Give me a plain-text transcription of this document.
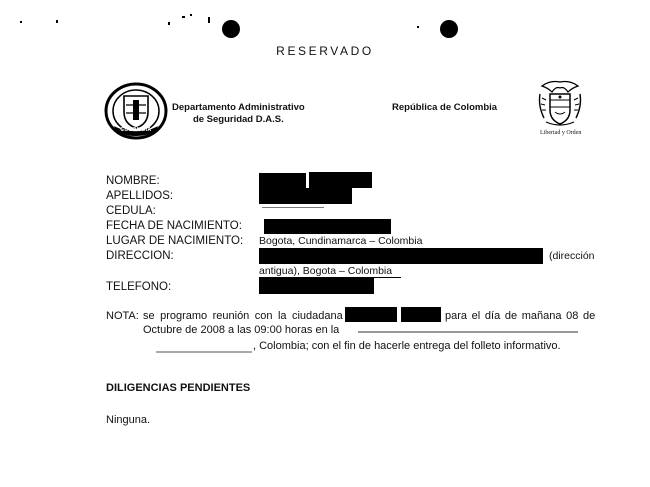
RESERVADO
COLOMBIA
Departamento Administrativo
de Seguridad D.A.S.
República de Colombia
Libertad y Orden
NOMBRE:
APELLIDOS:
CEDULA:
FECHA DE NACIMIENTO:
LUGAR DE NACIMIENTO:
DIRECCION:
TELEFONO:
Bogota, Cundinamarca – Colombia
(dirección
antigua), Bogota – Colombia
NOTA: se programo reunión con la ciudadana	para el día de mañana 08 de
Octubre de 2008 a las 09:00 horas en la
, Colombia; con el fin de hacerle entrega del folleto informativo.
DILIGENCIAS PENDIENTES
Ninguna.
